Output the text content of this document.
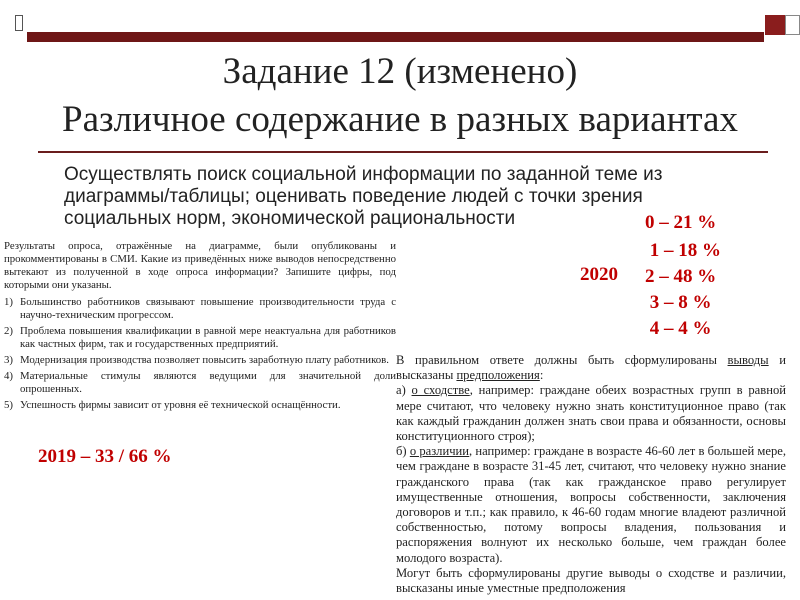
Задание 12 (изменено)
Различное содержание в разных вариантах
Осуществлять поиск социальной информации по заданной теме из диаграммы/таблицы; оценивать поведение людей с точки зрения социальных норм, экономической рациональности
Результаты опроса, отражённые на диаграмме, были опубликованы и прокомментированы в СМИ. Какие из приведённых ниже выводов непосредственно вытекают из полученной в ходе опроса информации? Запишите цифры, под которыми они указаны.
1) Большинство работников связывают повышение производительности труда с научно-техническим прогрессом.
2) Проблема повышения квалификации в равной мере неактуальна для работников как частных фирм, так и государственных предприятий.
3) Модернизация производства позволяет повысить заработную плату работников.
4) Материальные стимулы являются ведущими для значительной доли опрошенных.
5) Успешность фирмы зависит от уровня её технической оснащённости.
2019 – 33 / 66 %
2020
0 – 21 %
1 – 18 %
2 – 48 %
3 – 8 %
4 – 4 %

В правильном ответе должны быть сформулированы выводы и высказаны предположения:

а) о сходстве, например: граждане обеих возрастных групп в равной мере считают, что человеку нужно знать конституционное право (так как каждый гражданин должен знать свои права и обязанности, основы конституционного строя);

б) о различии, например: граждане в возрасте 46-60 лет в большей мере, чем граждане в возрасте 31-45 лет, считают, что человеку нужно знание гражданского права (так как гражданское право регулирует имущественные отношения, вопросы собственности, заключения договоров и т.п.; как правило, к 46-60 годам многие владеют различной собственностью, потому вопросы владения, пользования и распоряжения волнуют их несколько больше, чем граждан более молодого возраста).

Могут быть сформулированы другие выводы о сходстве и различии, высказаны иные уместные предположения
